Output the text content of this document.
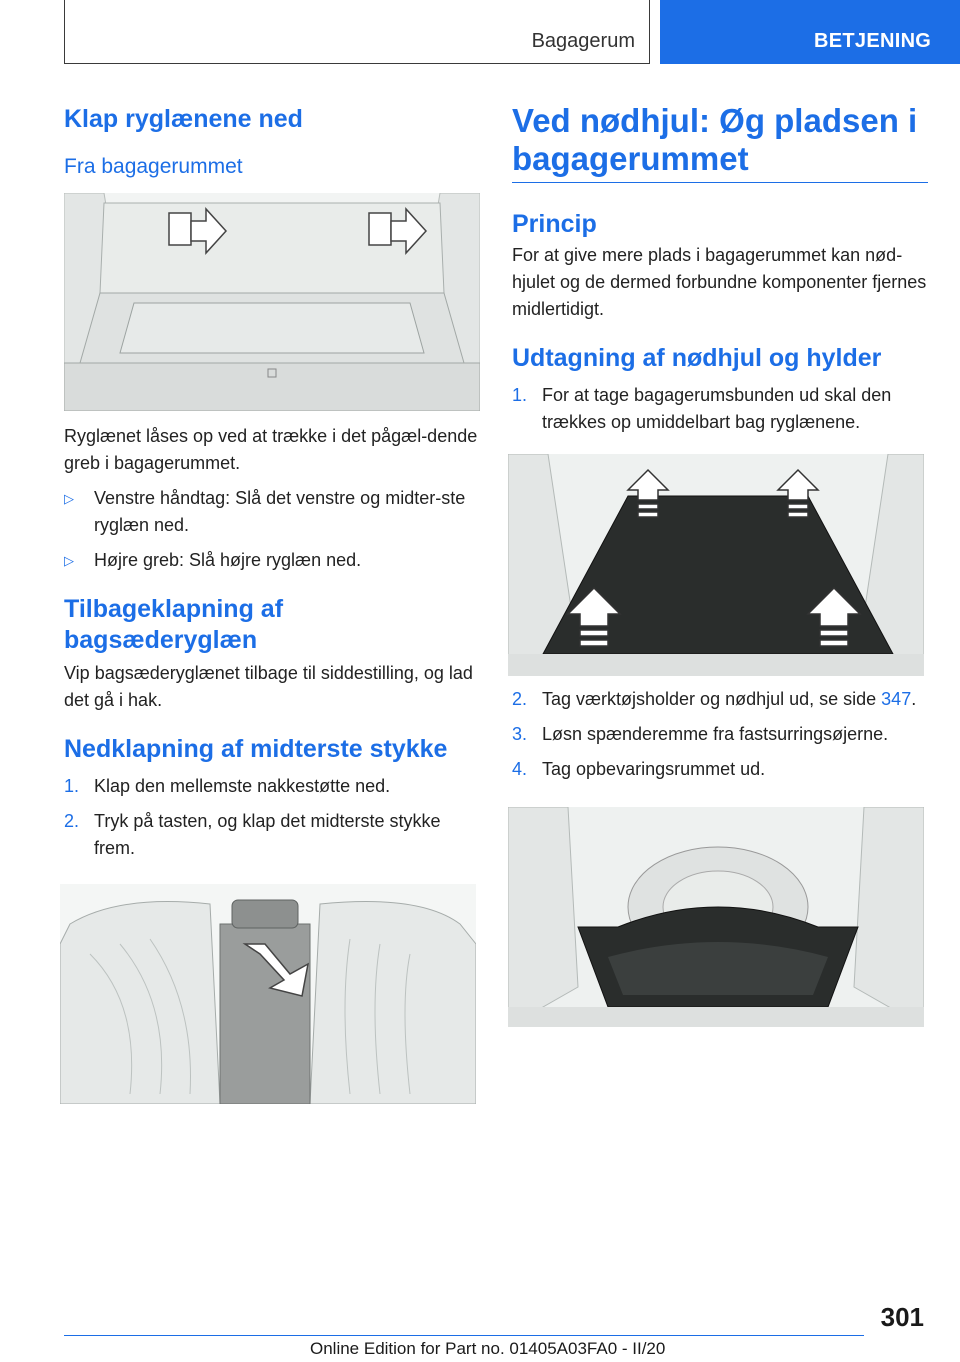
Bagagerum	BETJENING
Klap ryglænene ned
Fra bagagerummet

Ryglænet låses op ved at trække i det pågæl-dende greb i bagagerummet.

▷	Venstre håndtag: Slå det venstre og midter-ste ryglæn ned.
▷	Højre greb: Slå højre ryglæn ned.
Tilbageklapning af bagsæderyglæn

Vip bagsæderyglænet tilbage til siddestilling, og lad det gå i hak.

Nedklapning af midterste stykke
1. Klap den mellemste nakkestøtte ned.
2. Tryk på tasten, og klap det midterste stykke frem.
Ved nødhjul: Øg pladsen i bagagerummet
Princip

For at give mere plads i bagagerummet kan nød-hjulet og de dermed forbundne komponenter fjernes midlertidigt.

Udtagning af nødhjul og hylder
1. For at tage bagagerumsbunden ud skal den trækkes op umiddelbart bag ryglænene.
2. Tag værktøjsholder og nødhjul ud, se side 347.
3. Løsn spænderemme fra fastsurringsøjerne.
4. Tag opbevaringsrummet ud.
301
Online Edition for Part no. 01405A03FA0 - II/20
